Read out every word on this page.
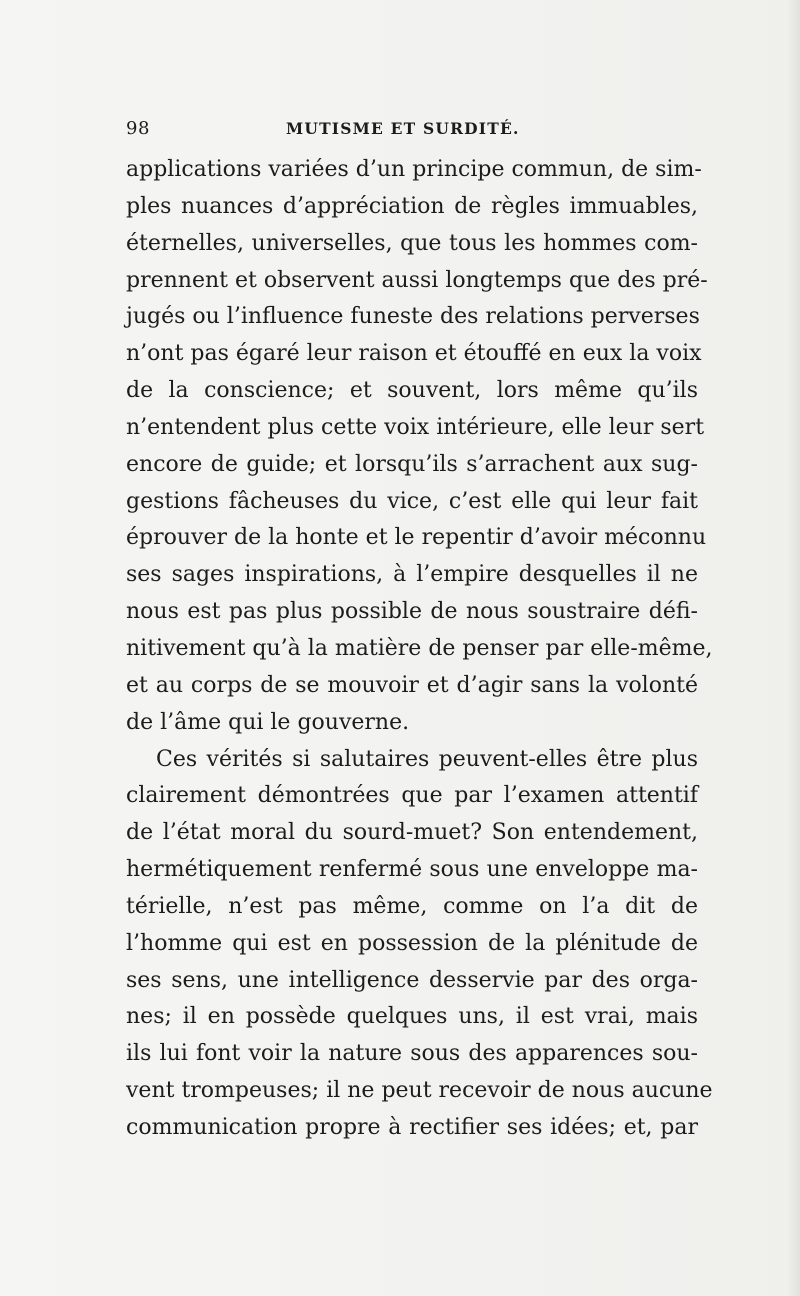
98	MUTISME ET SURDITÉ.
applications variées d’un principe commun, de sim-
ples nuances d’appréciation de règles immuables,
éternelles, universelles, que tous les hommes com-
prennent et observent aussi longtemps que des pré-
jugés ou l’influence funeste des relations perverses
n’ont pas égaré leur raison et étouffé en eux la voix
de la conscience; et souvent, lors même qu’ils
n’entendent plus cette voix intérieure, elle leur sert
encore de guide; et lorsqu’ils s’arrachent aux sug-
gestions fâcheuses du vice, c’est elle qui leur fait
éprouver de la honte et le repentir d’avoir méconnu
ses sages inspirations, à l’empire desquelles il ne
nous est pas plus possible de nous soustraire défi-
nitivement qu’à la matière de penser par elle-même,
et au corps de se mouvoir et d’agir sans la volonté
de l’âme qui le gouverne.
Ces vérités si salutaires peuvent-elles être plus
clairement démontrées que par l’examen attentif
de l’état moral du sourd-muet? Son entendement,
hermétiquement renfermé sous une enveloppe ma-
térielle, n’est pas même, comme on l’a dit de
l’homme qui est en possession de la plénitude de
ses sens, une intelligence desservie par des orga-
nes; il en possède quelques uns, il est vrai, mais
ils lui font voir la nature sous des apparences sou-
vent trompeuses; il ne peut recevoir de nous aucune
communication propre à rectifier ses idées; et, par
